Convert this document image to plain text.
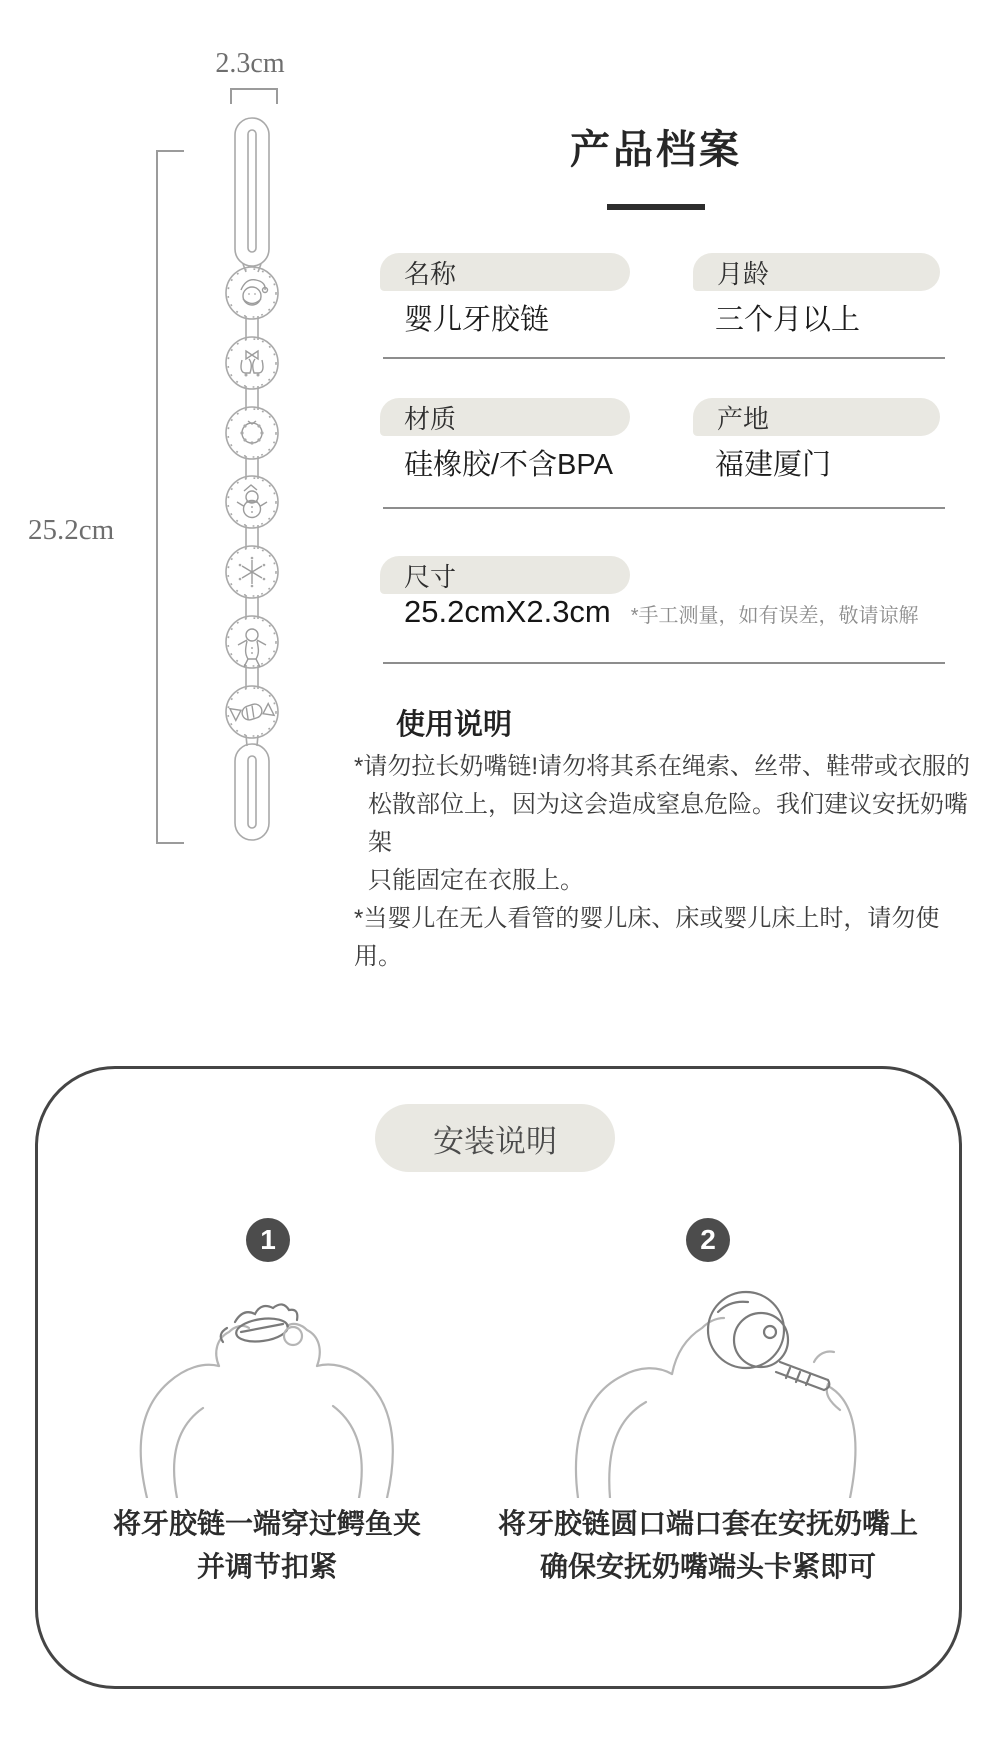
2.3cm
25.2cm
产品档案
名称	月龄
婴儿牙胶链	三个月以上
材质	产地
硅橡胶/不含BPA	福建厦门
尺寸
25.2cmX2.3cm *手工测量，如有误差，敬请谅解
使用说明
*请勿拉长奶嘴链!请勿将其系在绳索、丝带、鞋带或衣服的
松散部位上，因为这会造成窒息危险。我们建议安抚奶嘴架
只能固定在衣服上。
*当婴儿在无人看管的婴儿床、床或婴儿床上时，请勿使用。
安装说明
1	2
将牙胶链一端穿过鳄鱼夹
并调节扣紧
将牙胶链圆口端口套在安抚奶嘴上
确保安抚奶嘴端头卡紧即可
